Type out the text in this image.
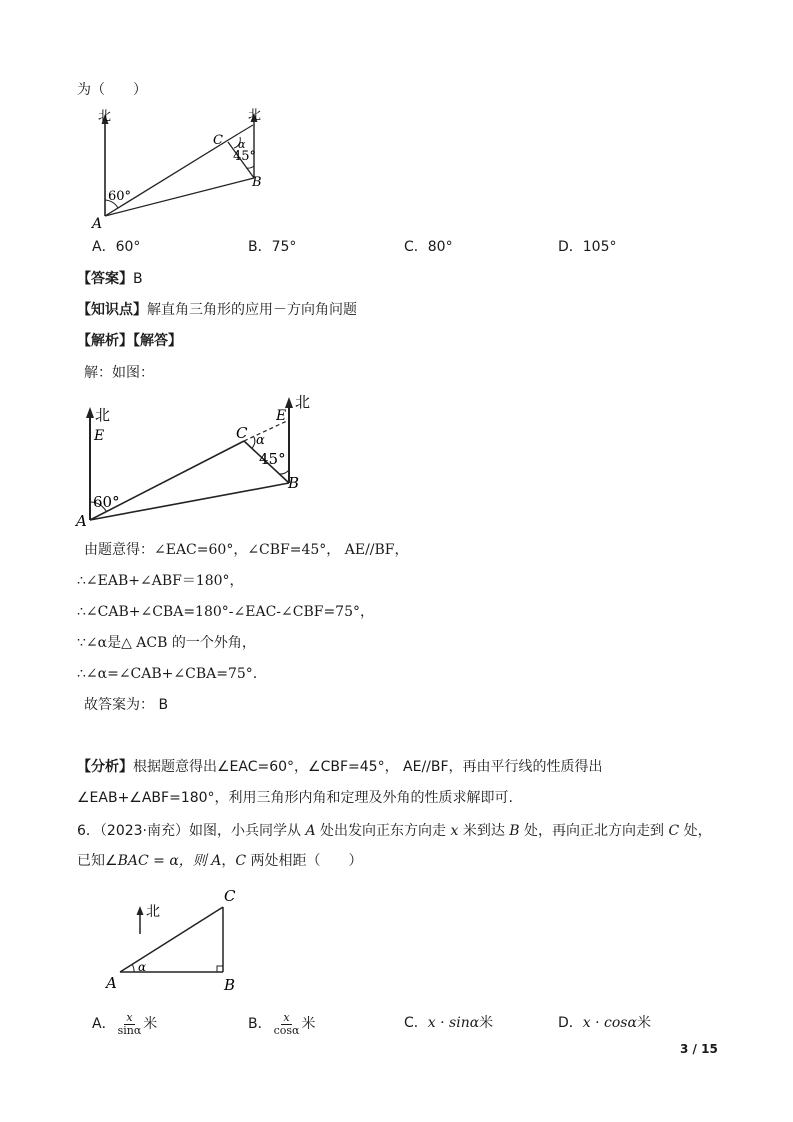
为（　　）
北	北
A
B
C
60°
45°
α
A．60°	B．75°	C．80°	D．105°
【答案】B
【知识点】解直角三角形的应用－方向角问题
【解析】【解答】
解：如图：
北
北
E
E
A
B
C
60°
45°
α
由题意得：∠EAC=60°，∠CBF=45°， AE//BF，
∴∠EAB+∠ABF＝180°，
∴∠CAB+∠CBA=180°-∠EAC-∠CBF=75°，
∵∠α是△ ACB 的一个外角，
∴∠α=∠CAB+∠CBA=75°.
故答案为： B
【分析】根据题意得出∠EAC=60°，∠CBF=45°， AE//BF，再由平行线的性质得出
∠EAB+∠ABF=180°，利用三角形内角和定理及外角的性质求解即可.
6．（2023·南充）如图，小兵同学从 A 处出发向正东方向走 x 米到达 B 处，再向正北方向走到 C 处，
已知∠BAC = α，则 A，C 两处相距（　　）
北
A	B
C
α
A． $\frac{x}{\sin\alpha}$ 米	B． $\frac{x}{\cos\alpha}$ 米	C．x · sinα米	D．x · cosα米
3 / 15
